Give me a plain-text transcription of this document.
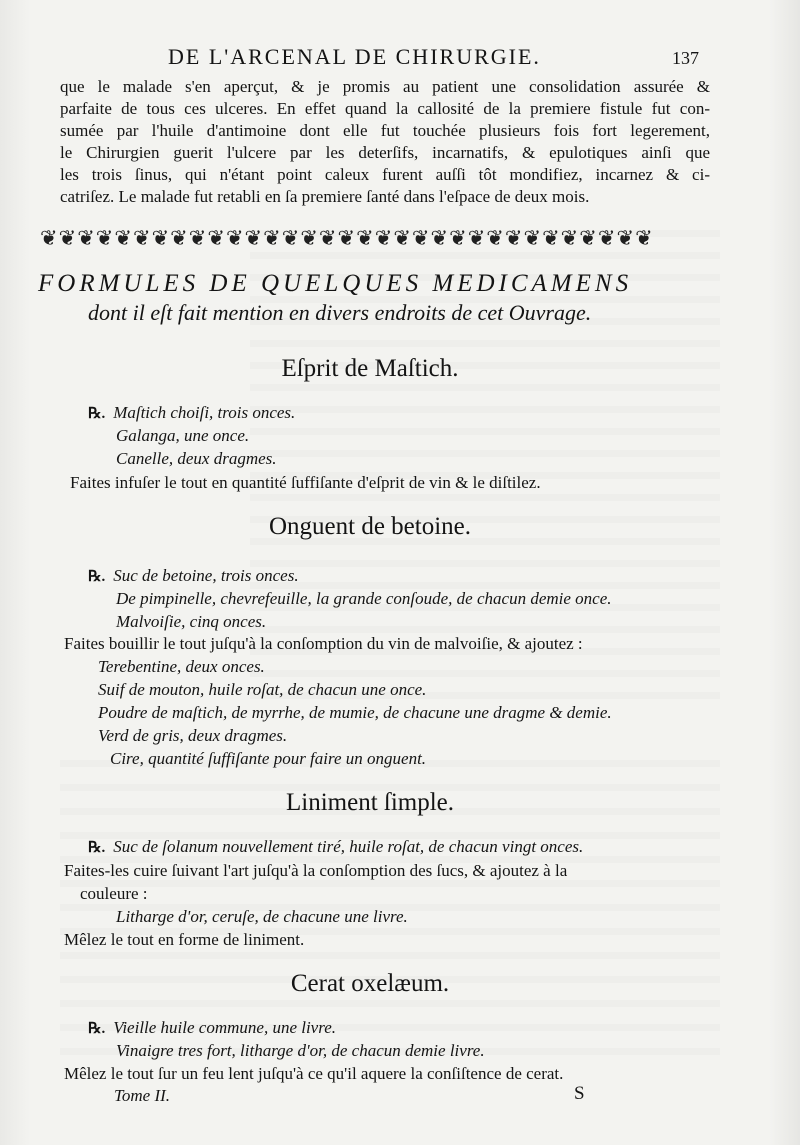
DE L'ARCENAL DE CHIRURGIE.	137
que le malade s'en aperçut, & je promis au patient une consolidation assurée &
parfaite de tous ces ulceres. En effet quand la callosité de la premiere fistule fut con-
sumée par l'huile d'antimoine dont elle fut touchée plusieurs fois fort legerement,
le Chirurgien guerit l'ulcere par les deterſifs, incarnatifs, & epulotiques ainſi que
les trois ſinus, qui n'étant point caleux furent auſſi tôt mondifiez, incarnez & ci-
catriſez. Le malade fut retabli en ſa premiere ſanté dans l'eſpace de deux mois.
❦❦❦❦❦❦❦❦❦❦❦❦❦❦❦❦❦❦❦❦❦❦❦❦❦❦❦❦❦❦❦❦❦
FORMULES DE QUELQUES MEDICAMENS
dont il eſt fait mention en divers endroits de cet Ouvrage.
Eſprit de Maſtich.
℞. Maſtich choiſi, trois onces.
Galanga, une once.
Canelle, deux dragmes.
Faites infuſer le tout en quantité ſuffiſante d'eſprit de vin & le diſtilez.
Onguent de betoine.
℞. Suc de betoine, trois onces.
De pimpinelle, chevrefeuille, la grande conſoude, de chacun demie once.
Malvoiſie, cinq onces.
Faites bouillir le tout juſqu'à la conſomption du vin de malvoiſie, & ajoutez :
Terebentine, deux onces.
Suif de mouton, huile roſat, de chacun une once.
Poudre de maſtich, de myrrhe, de mumie, de chacune une dragme & demie.
Verd de gris, deux dragmes.
Cire, quantité ſuffiſante pour faire un onguent.
Liniment ſimple.
℞. Suc de ſolanum nouvellement tiré, huile roſat, de chacun vingt onces.
Faites-les cuire ſuivant l'art juſqu'à la conſomption des ſucs, & ajoutez à la
couleure :
Litharge d'or, ceruſe, de chacune une livre.
Mêlez le tout en forme de liniment.
Cerat oxelæum.
℞. Vieille huile commune, une livre.
Vinaigre tres fort, litharge d'or, de chacun demie livre.
Mêlez le tout ſur un feu lent juſqu'à ce qu'il aquere la conſiſtence de cerat.
Tome II.	S
